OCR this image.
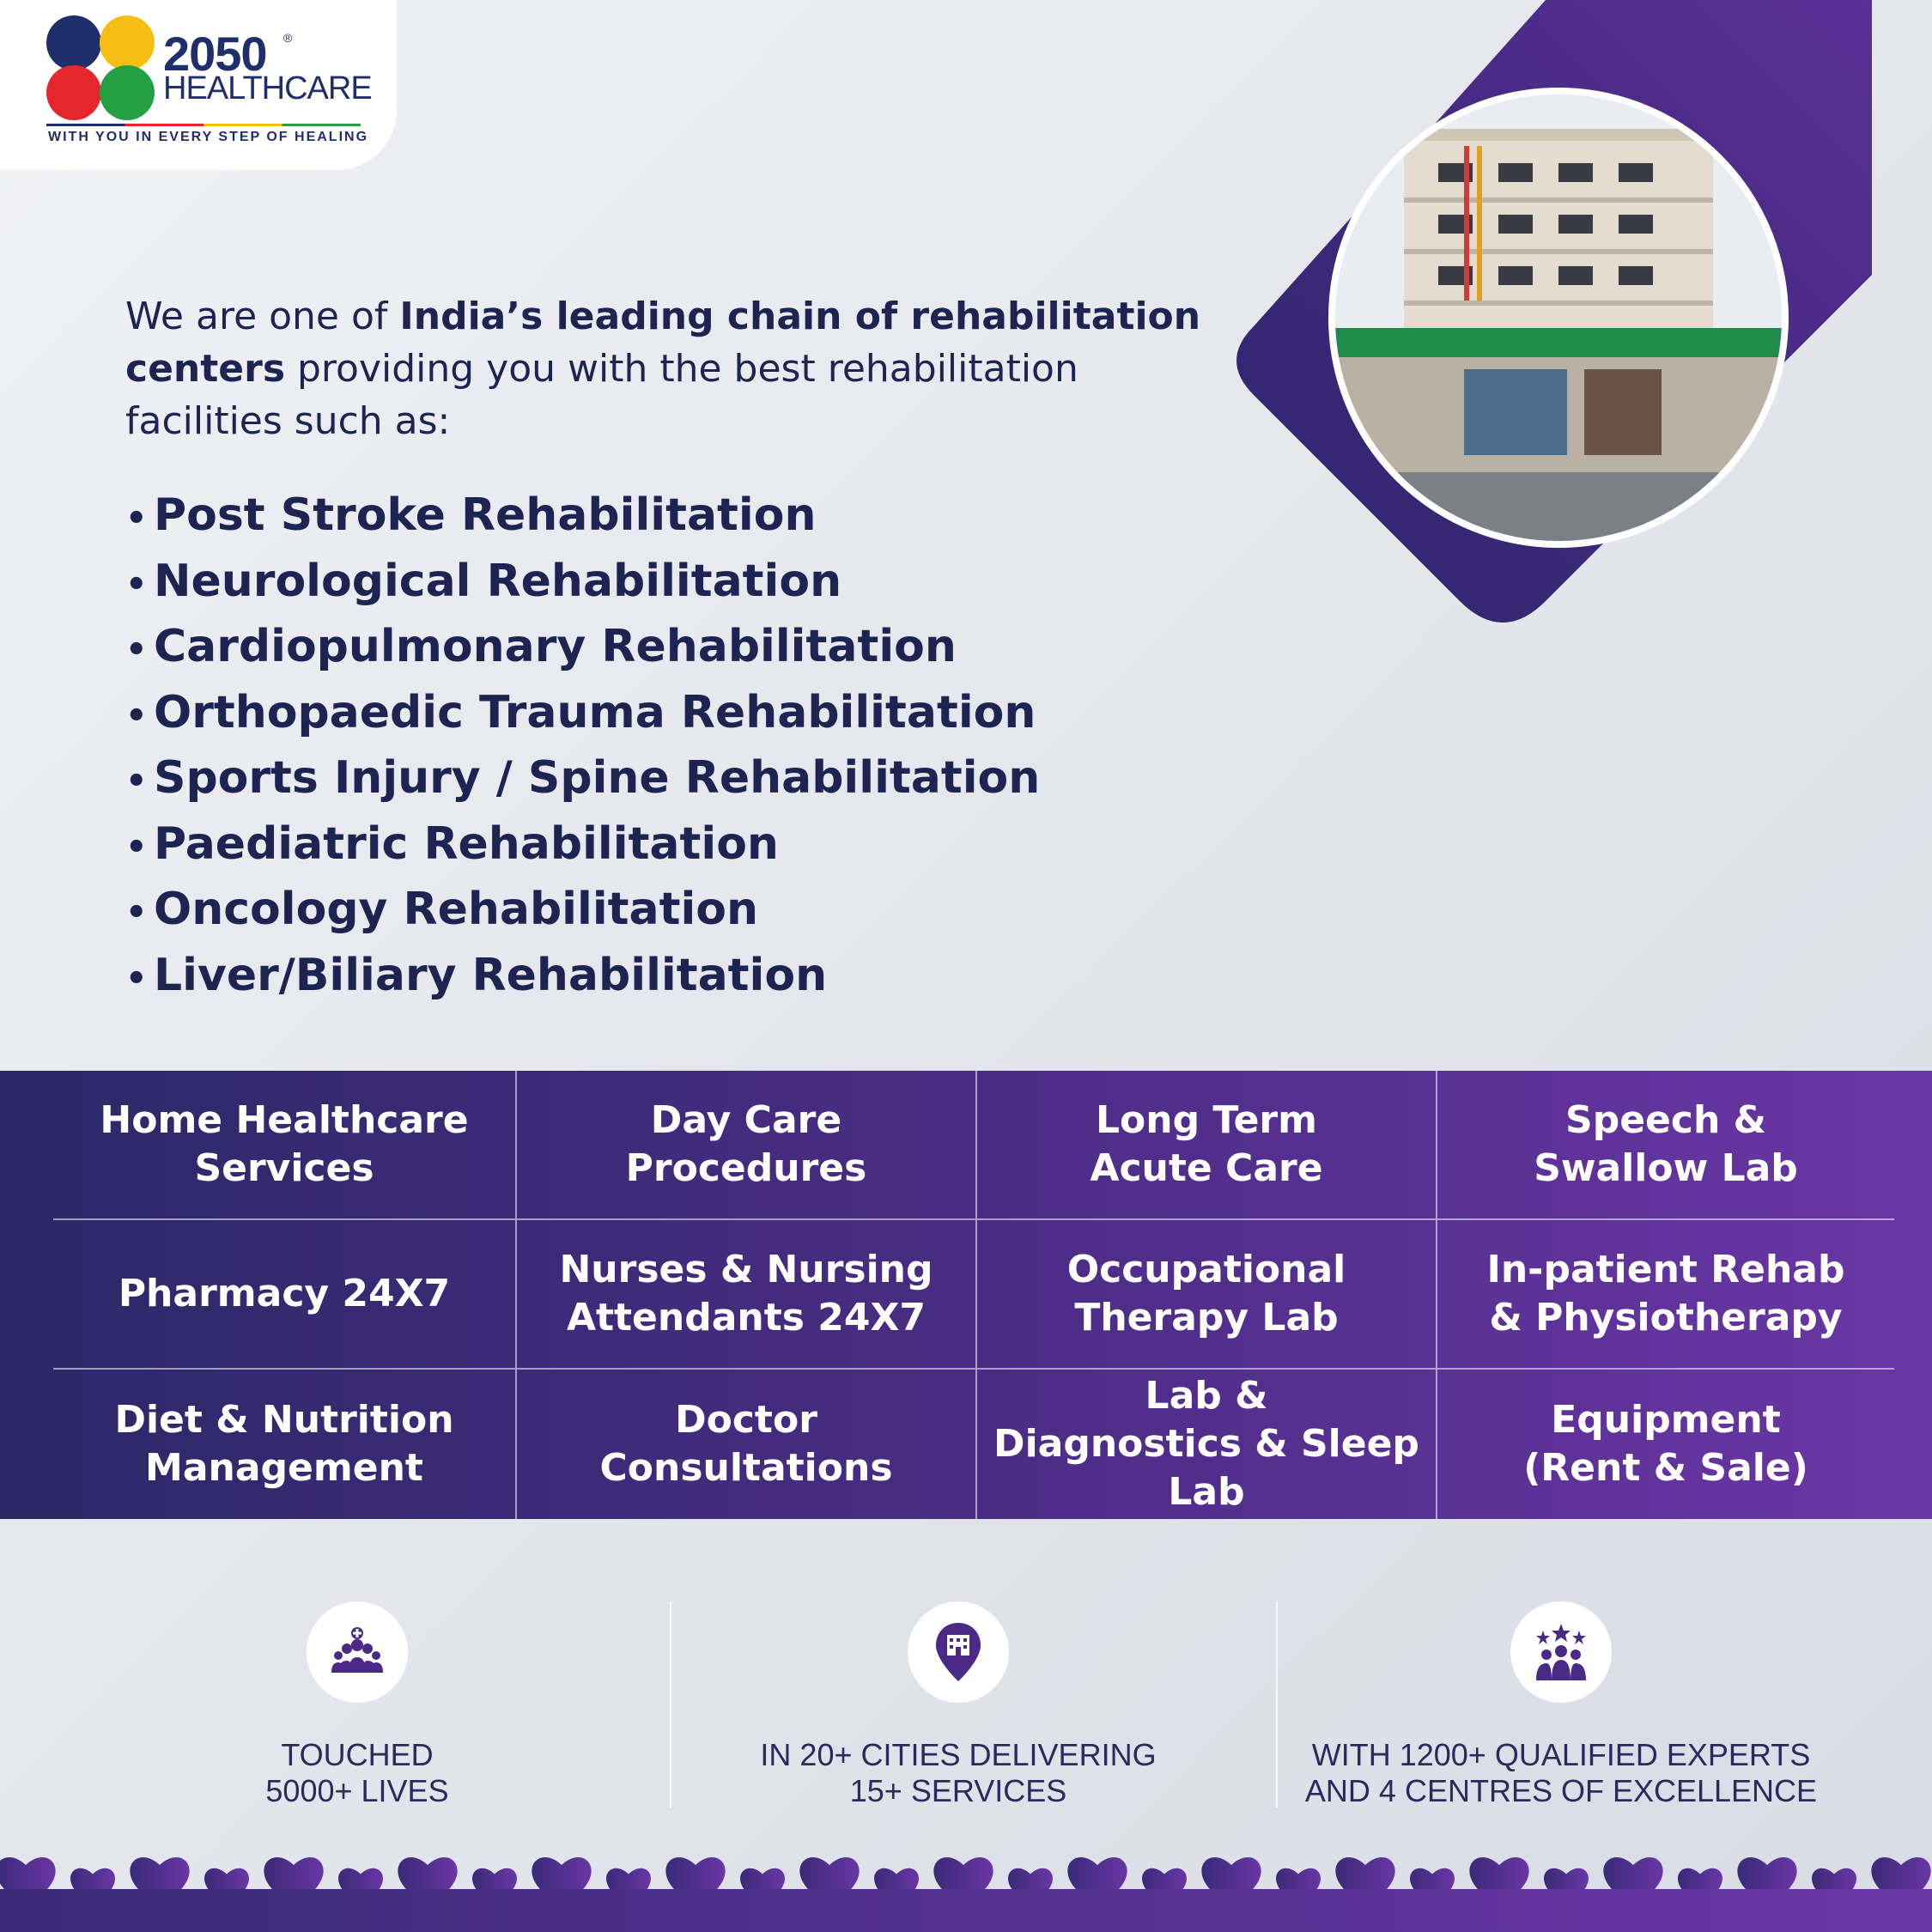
2050 ®
HEALTHCARE
WITH YOU IN EVERY STEP OF HEALING

We are one of India’s leading chain of rehabilitation centers providing you with the best rehabilitation facilities such as:

• Post Stroke Rehabilitation
• Neurological Rehabilitation
• Cardiopulmonary Rehabilitation
• Orthopaedic Trauma Rehabilitation
• Sports Injury / Spine Rehabilitation
• Paediatric Rehabilitation
• Oncology Rehabilitation
• Liver/Biliary Rehabilitation
Home Healthcare
Services
Day Care
Procedures
Long Term
Acute Care
Speech &
Swallow Lab
Pharmacy 24X7
Nurses & Nursing
Attendants 24X7
Occupational
Therapy Lab
In-patient Rehab
& Physiotherapy
Diet & Nutrition
Management
Doctor
Consultations
Lab &
Diagnostics & Sleep Lab
Equipment
(Rent & Sale)
TOUCHED
5000+ LIVES
IN 20+ CITIES DELIVERING
15+ SERVICES
WITH 1200+ QUALIFIED EXPERTS
AND 4 CENTRES OF EXCELLENCE
